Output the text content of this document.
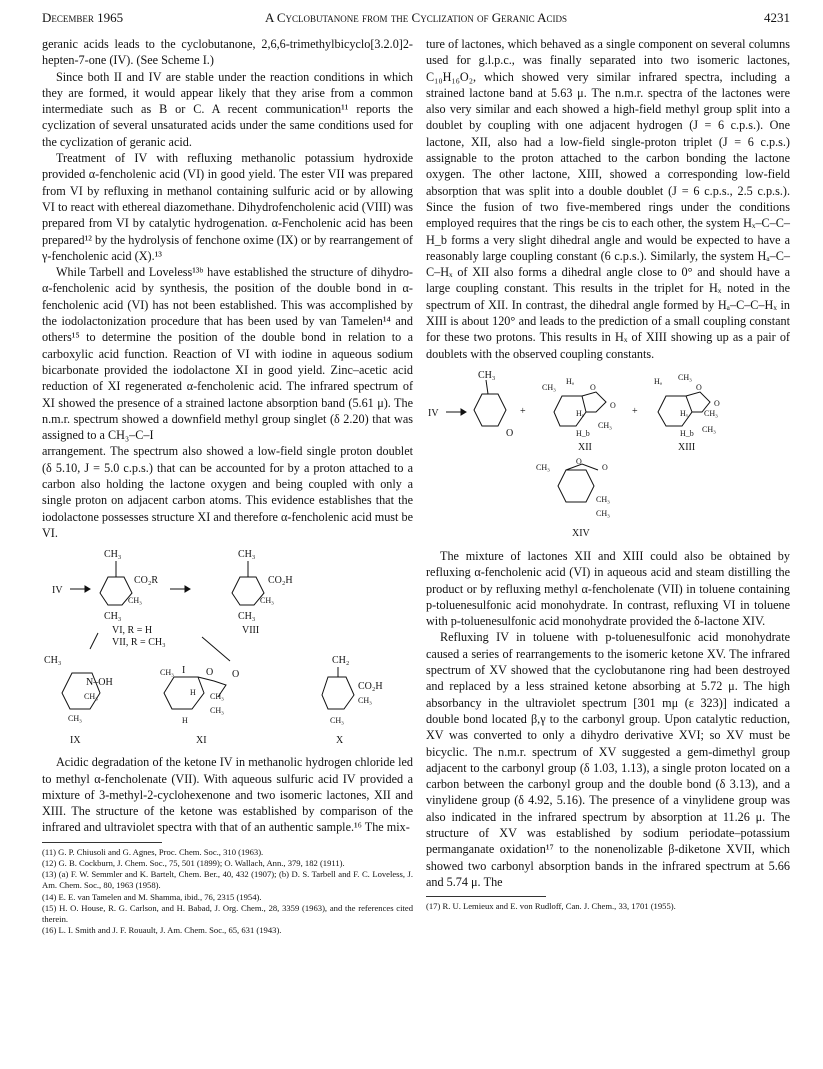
December 1965	A Cyclobutanone from the Cyclization of Geranic Acids	4231

geranic acids leads to the cyclobutanone, 2,6,6-trimethylbicyclo[3.2.0]2-hepten-7-one (IV). (See Scheme I.)

Since both II and IV are stable under the reaction conditions in which they are formed, it would appear likely that they arise from a common intermediate such as B or C. A recent communication¹¹ reports the cyclization of several unsaturated acids under the same conditions used for the cyclization of geranic acid.

Treatment of IV with refluxing methanolic potassium hydroxide provided α-fencholenic acid (VI) in good yield. The ester VII was prepared from VI by refluxing in methanol containing sulfuric acid or by allowing VI to react with ethereal diazomethane. Dihydrofencholenic acid (VIII) was prepared from VI by catalytic hydrogenation. α-Fencholenic acid has been prepared¹² by the hydrolysis of fenchone oxime (IX) or by rearrangement of γ-fencholenic acid (X).¹³

While Tarbell and Loveless¹³ᵇ have established the structure of dihydro-α-fencholenic acid by synthesis, the position of the double bond in α-fencholenic acid (VI) has not been established. This was accomplished by the iodolactonization procedure that has been used by van Tamelen¹⁴ and others¹⁵ to determine the position of the double bond in relation to a carboxylic acid function. Reaction of VI with iodine in aqueous sodium bicarbonate provided the iodolactone XI in good yield. Zinc–acetic acid reduction of XI regenerated α-fencholenic acid. The infrared spectrum of XI showed the presence of a strained lactone absorption band (5.61 μ). The n.m.r. spectrum showed a downfield methyl group singlet (δ 2.20) that was assigned to a CH₃–C–I

arrangement. The spectrum also showed a low-field single proton doublet (δ 5.10, J = 5.0 c.p.s.) that can be accounted for by a proton attached to a carbon also holding the lactone oxygen and being coupled with only a single proton on adjacent carbon atoms. This evidence establishes that the iodolactone possesses structure XI and therefore α-fencholenic acid must be VI.

CH₃
IV
CO₂R
CH₃
CH₃
VI, R = H
VII, R = CH₃
CH₃
CO₂H
CH₃
CH₃
VIII
CH₃
N–OH
CH₃
CH₃
IX
CH₃ I O O
H CH₃
CH₃
H
XI
CH₂
CO₂H
CH₃
CH₃
X

Acidic degradation of the ketone IV in methanolic hydrogen chloride led to methyl α-fencholenate (VII). With aqueous sulfuric acid IV provided a mixture of 3-methyl-2-cyclohexenone and two isomeric lactones, XII and XIII. The structure of the ketone was established by comparison of the infrared and ultraviolet spectra with that of an authentic sample.¹⁶ The mix-

(11) G. P. Chiusoli and G. Agnes, Proc. Chem. Soc., 310 (1963).

(12) G. B. Cockburn, J. Chem. Soc., 75, 501 (1899); O. Wallach, Ann., 379, 182 (1911).

(13) (a) F. W. Semmler and K. Bartelt, Chem. Ber., 40, 432 (1907); (b) D. S. Tarbell and F. C. Loveless, J. Am. Chem. Soc., 80, 1963 (1958).

(14) E. E. van Tamelen and M. Shamma, ibid., 76, 2315 (1954).

(15) H. O. House, R. G. Carlson, and H. Babad, J. Org. Chem., 28, 3359 (1963), and the references cited therein.

(16) L. I. Smith and J. F. Rouault, J. Am. Chem. Soc., 65, 631 (1943).

ture of lactones, which behaved as a single component on several columns used for g.l.p.c., was finally separated into two isomeric lactones, C₁₀H₁₆O₂, which showed very similar infrared spectra, including a strained lactone band at 5.63 μ. The n.m.r. spectra of the lactones were also very similar and each showed a high-field methyl group split into a doublet by coupling with one adjacent hydrogen (J = 6 c.p.s.). One lactone, XII, also had a low-field single-proton triplet (J = 6 c.p.s.) assignable to the proton attached to the carbon bonding the lactone oxygen. The other lactone, XIII, showed a corresponding low-field absorption that was split into a double doublet (J = 6 c.p.s., 2.5 c.p.s.). Since the fusion of two five-membered rings under the conditions employed requires that the rings be cis to each other, the system Hₓ–C–C–H_b forms a very slight dihedral angle and would be expected to have a reasonably large coupling constant (6 c.p.s.). Similarly, the system Hₐ–C–C–Hₓ of XII also forms a dihedral angle close to 0° and should have a large coupling constant. This results in the triplet for Hₓ noted in the spectrum of XII. In contrast, the dihedral angle formed by Hₐ–C–C–Hₓ in XIII is about 120° and leads to the prediction of a small coupling constant for these two protons. This results in Hₓ of XIII showing up as a pair of doublets with the observed coupling constants.

IV
CH₃
O
+
CH₃
Hₐ
O
O
Hₓ
H_b
CH₃
XII
+
Hₐ CH₃
O
O
Hₓ CH₃
H_b CH₃
XIII
CH₃
O
O
CH₃
CH₃
XIV

The mixture of lactones XII and XIII could also be obtained by refluxing α-fencholenic acid (VI) in aqueous acid and steam distilling the product or by refluxing methyl α-fencholenate (VII) in toluene containing p-toluenesulfonic acid monohydrate. In contrast, refluxing VI in toluene with p-toluenesulfonic acid monohydrate provided the δ-lactone XIV.

Refluxing IV in toluene with p-toluenesulfonic acid monohydrate caused a series of rearrangements to the isomeric ketone XV. The infrared spectrum of XV showed that the cyclobutanone ring had been destroyed and replaced by a less strained ketone absorbing at 5.72 μ. The high absorbancy in the ultraviolet spectrum [301 mμ (ε 323)] indicated a double bond located β,γ to the carbonyl group. Upon catalytic reduction, XV was converted to only a dihydro derivative XVI; so XV must be bicyclic. The n.m.r. spectrum of XV suggested a gem-dimethyl group adjacent to the carbonyl group (δ 1.03, 1.13), a single proton located on a carbon between the carbonyl group and the double bond (δ 3.13), and a vinylidene group (δ 4.92, 5.16). The presence of a vinylidene group was also indicated in the infrared spectrum by absorption at 11.26 μ. The structure of XV was established by sodium periodate–potassium permanganate oxidation¹⁷ to the nonenolizable β-diketone XVII, which showed two carbonyl absorption bands in the infrared spectrum at 5.66 and 5.74 μ. The

(17) R. U. Lemieux and E. von Rudloff, Can. J. Chem., 33, 1701 (1955).
